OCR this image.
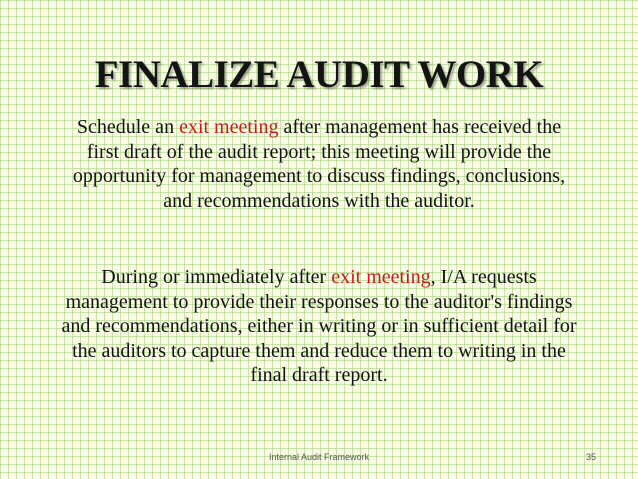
FINALIZE AUDIT WORK

Schedule an exit meeting after management has received the first draft of the audit report; this meeting will provide the opportunity for management to discuss findings, conclusions, and recommendations with the auditor.

During or immediately after exit meeting, I/A requests management to provide their responses to the auditor's findings and recommendations, either in writing or in sufficient detail for the auditors to capture them and reduce them to writing in the final draft report.

Internal Audit Framework	35
